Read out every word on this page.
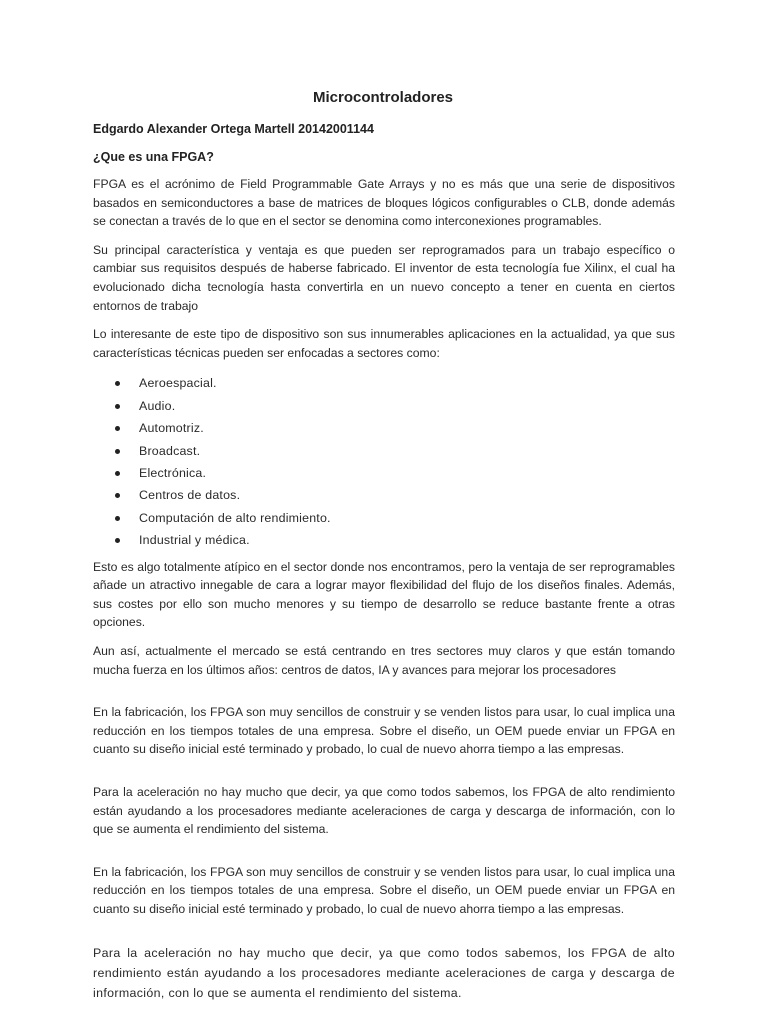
Microcontroladores
Edgardo Alexander Ortega Martell 20142001144
¿Que es una FPGA?

FPGA es el acrónimo de Field Programmable Gate Arrays y no es más que una serie de dispositivos basados en semiconductores a base de matrices de bloques lógicos configurables o CLB, donde además se conectan a través de lo que en el sector se denomina como interconexiones programables.

Su principal característica y ventaja es que pueden ser reprogramados para un trabajo específico o cambiar sus requisitos después de haberse fabricado. El inventor de esta tecnología fue Xilinx, el cual ha evolucionado dicha tecnología hasta convertirla en un nuevo concepto a tener en cuenta en ciertos entornos de trabajo

Lo interesante de este tipo de dispositivo son sus innumerables aplicaciones en la actualidad, ya que sus características técnicas pueden ser enfocadas a sectores como:

Aeroespacial.
Audio.
Automotriz.
Broadcast.
Electrónica.
Centros de datos.
Computación de alto rendimiento.
Industrial y médica.

Esto es algo totalmente atípico en el sector donde nos encontramos, pero la ventaja de ser reprogramables añade un atractivo innegable de cara a lograr mayor flexibilidad del flujo de los diseños finales. Además, sus costes por ello son mucho menores y su tiempo de desarrollo se reduce bastante frente a otras opciones.

Aun así, actualmente el mercado se está centrando en tres sectores muy claros y que están tomando mucha fuerza en los últimos años: centros de datos, IA y avances para mejorar los procesadores

En la fabricación, los FPGA son muy sencillos de construir y se venden listos para usar, lo cual implica una reducción en los tiempos totales de una empresa. Sobre el diseño, un OEM puede enviar un FPGA en cuanto su diseño inicial esté terminado y probado, lo cual de nuevo ahorra tiempo a las empresas.

Para la aceleración no hay mucho que decir, ya que como todos sabemos, los FPGA de alto rendimiento están ayudando a los procesadores mediante aceleraciones de carga y descarga de información, con lo que se aumenta el rendimiento del sistema.

En la fabricación, los FPGA son muy sencillos de construir y se venden listos para usar, lo cual implica una reducción en los tiempos totales de una empresa. Sobre el diseño, un OEM puede enviar un FPGA en cuanto su diseño inicial esté terminado y probado, lo cual de nuevo ahorra tiempo a las empresas.

Para la aceleración no hay mucho que decir, ya que como todos sabemos, los FPGA de alto rendimiento están ayudando a los procesadores mediante aceleraciones de carga y descarga de información, con lo que se aumenta el rendimiento del sistema.
